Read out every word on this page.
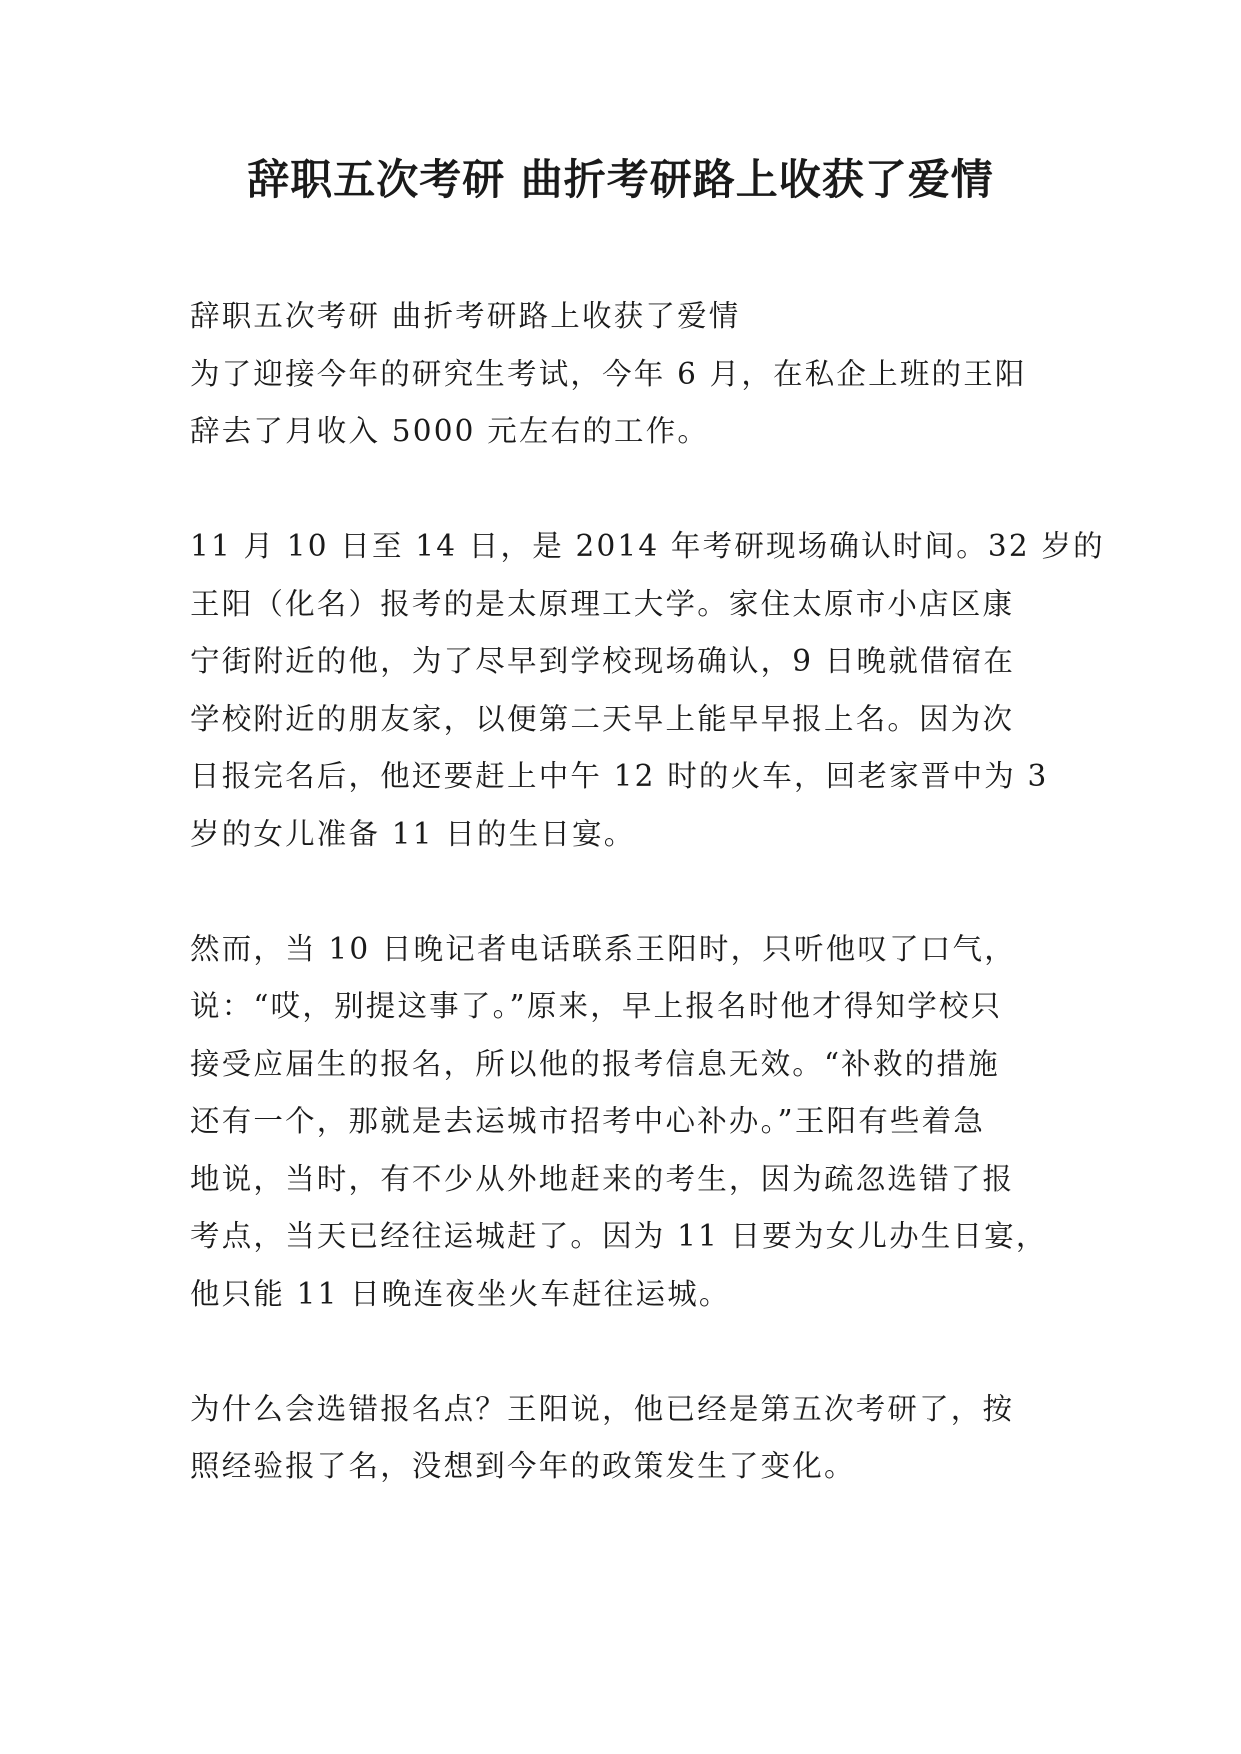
辞职五次考研 曲折考研路上收获了爱情
辞职五次考研 曲折考研路上收获了爱情
为了迎接今年的研究生考试，今年 6 月，在私企上班的王阳
辞去了月收入 5000 元左右的工作。
11 月 10 日至 14 日，是 2014 年考研现场确认时间。32 岁的
王阳（化名）报考的是太原理工大学。家住太原市小店区康
宁街附近的他，为了尽早到学校现场确认，9 日晚就借宿在
学校附近的朋友家，以便第二天早上能早早报上名。因为次
日报完名后，他还要赶上中午 12 时的火车，回老家晋中为 3
岁的女儿准备 11 日的生日宴。
然而，当 10 日晚记者电话联系王阳时，只听他叹了口气，
说：“哎，别提这事了。”原来，早上报名时他才得知学校只
接受应届生的报名，所以他的报考信息无效。“补救的措施
还有一个，那就是去运城市招考中心补办。”王阳有些着急
地说，当时，有不少从外地赶来的考生，因为疏忽选错了报
考点，当天已经往运城赶了。因为 11 日要为女儿办生日宴，
他只能 11 日晚连夜坐火车赶往运城。
为什么会选错报名点？王阳说，他已经是第五次考研了，按
照经验报了名，没想到今年的政策发生了变化。
